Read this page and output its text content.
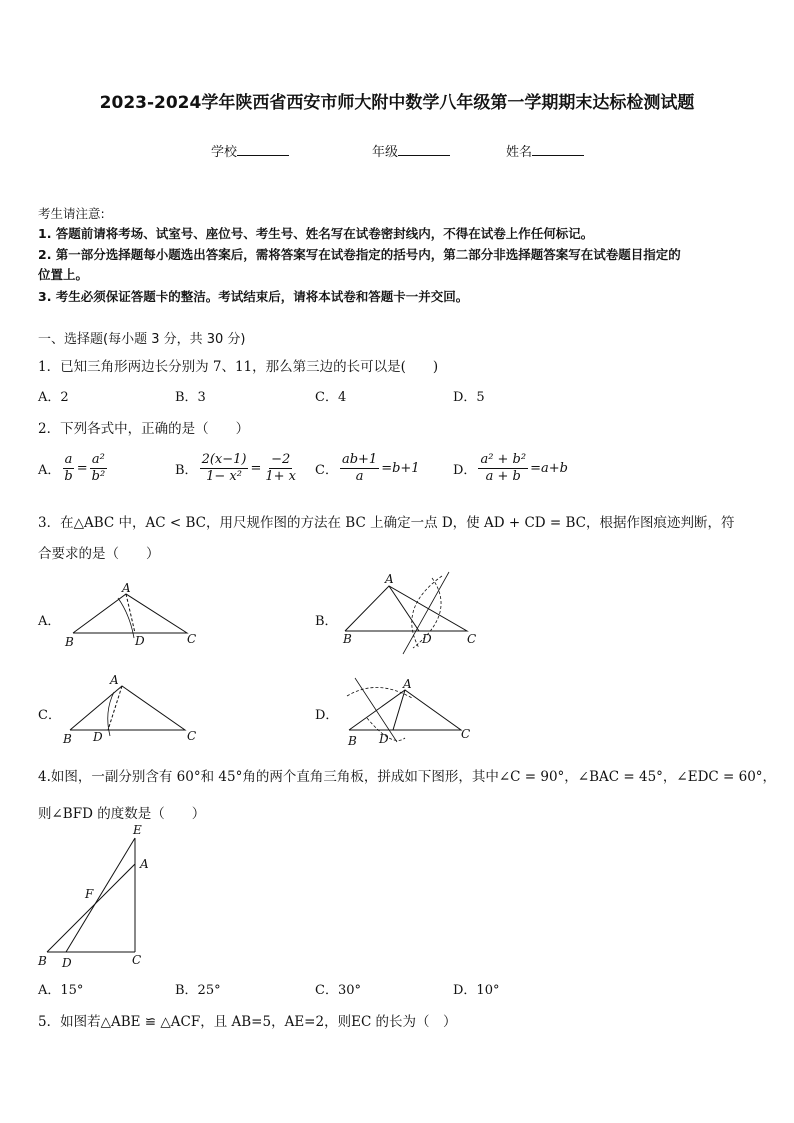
2023-2024学年陕西省西安市师大附中数学八年级第一学期期末达标检测试题
学校	年级	姓名
考生请注意:
1. 答题前请将考场、试室号、座位号、考生号、姓名写在试卷密封线内，不得在试卷上作任何标记。
2. 第一部分选择题每小题选出答案后，需将答案写在试卷指定的括号内，第二部分非选择题答案写在试卷题目指定的
位置上。
3. 考生必须保证答题卡的整洁。考试结束后，请将本试卷和答题卡一并交回。
一、选择题(每小题 3 分，共 30 分)
1．已知三角形两边长分别为 7、11，那么第三边的长可以是(　　)
A．2	B．3	C．4	D．5
2．下列各式中，正确的是（　　）
A． $\frac{a}{b} = \frac{\text{a²}}{\text{b²}}$	B． $\frac{2(x-1)}{\text{1− x²}} = \frac{-2}{1+ x}$ C． $\frac{ab+1}{a} =b+1$	D． $\frac{\text{a² + b²}}{a + b} =a+b$
3．在△ABC 中，AC < BC，用尺规作图的方法在 BC 上确定一点 D，使 AD + CD = BC，根据作图痕迹判断，符
合要求的是（　　）
A．
A
B	D	C
B．
A
B	D	C
C．
A
B D	C
D．
A
B D	C
4.如图，一副分别含有 60°和 45°角的两个直角三角板，拼成如下图形，其中∠C = 90°，∠BAC = 45°，∠EDC = 60°，
则∠BFD 的度数是（　　）
E
A
F
B D	C
A．15°	B．25°	C．30°	D．10°
5．如图若△ABE ≌ △ACF，且 AB=5，AE=2，则EC 的长为（　）
